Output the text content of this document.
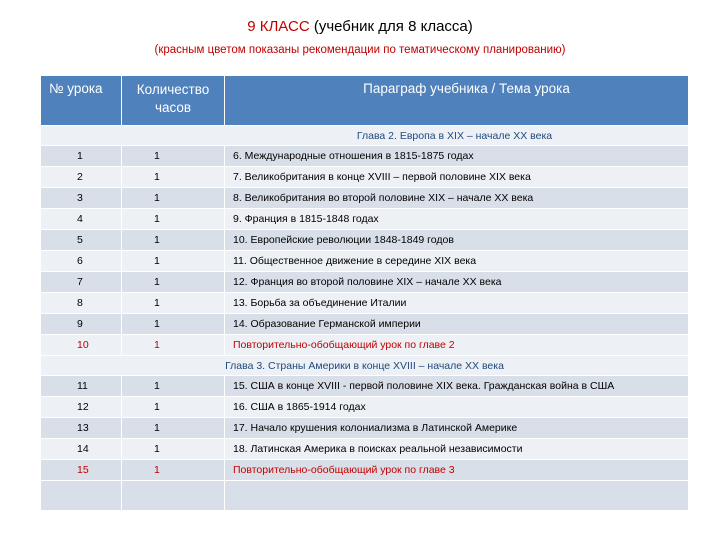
9 КЛАСС (учебник для 8 класса)
(красным цветом показаны рекомендации по тематическому планированию)
№ урока	Количество часов	Параграф учебника / Тема урока
Глава 2. Европа в XIX – начале XX века		
1	1	6. Международные отношения в 1815-1875 годах
2	1	7. Великобритания в конце XVIII – первой половине XIX века
3	1	8. Великобритания во второй половине XIX – начале XX века
4	1	9. Франция в 1815-1848 годах
5	1	10. Европейские революции 1848-1849 годов
6	1	11. Общественное движение в середине XIX века
7	1	12. Франция во второй половине XIX – начале XX века
8	1	13. Борьба за объединение Италии
9	1	14. Образование Германской империи
10	1	Повторительно-обобщающий урок по главе 2
Глава 3. Страны Америки в конце XVIII – начале XX века		
11	1	15. США в конце XVIII - первой половине XIX века. Гражданская война в США
12	1	16. США в 1865-1914 годах
13	1	17. Начало крушения колониализма в Латинской Америке
14	1	18. Латинская Америка в поисках реальной независимости
15	1	Повторительно-обобщающий урок по главе 3
